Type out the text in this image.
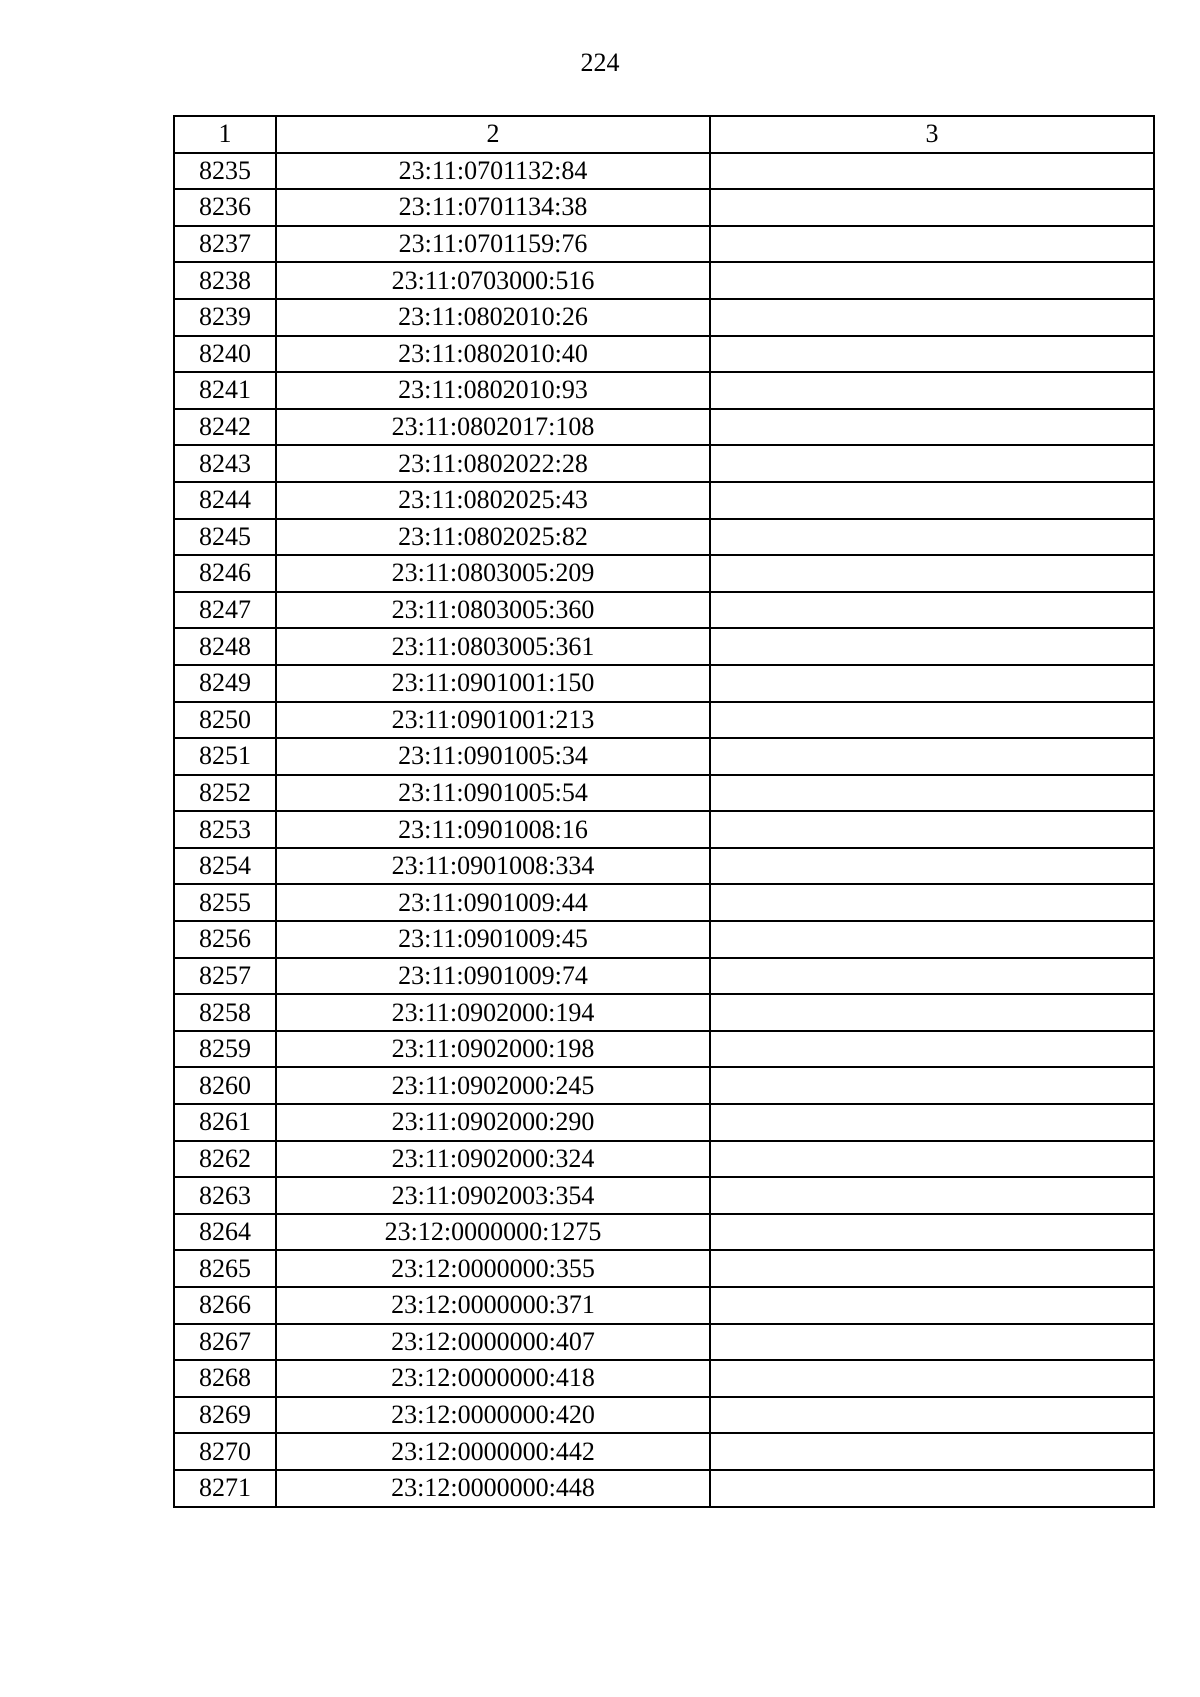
224
1	2	3
8235	23:11:0701132:84	
8236	23:11:0701134:38	
8237	23:11:0701159:76	
8238	23:11:0703000:516	
8239	23:11:0802010:26	
8240	23:11:0802010:40	
8241	23:11:0802010:93	
8242	23:11:0802017:108	
8243	23:11:0802022:28	
8244	23:11:0802025:43	
8245	23:11:0802025:82	
8246	23:11:0803005:209	
8247	23:11:0803005:360	
8248	23:11:0803005:361	
8249	23:11:0901001:150	
8250	23:11:0901001:213	
8251	23:11:0901005:34	
8252	23:11:0901005:54	
8253	23:11:0901008:16	
8254	23:11:0901008:334	
8255	23:11:0901009:44	
8256	23:11:0901009:45	
8257	23:11:0901009:74	
8258	23:11:0902000:194	
8259	23:11:0902000:198	
8260	23:11:0902000:245	
8261	23:11:0902000:290	
8262	23:11:0902000:324	
8263	23:11:0902003:354	
8264	23:12:0000000:1275	
8265	23:12:0000000:355	
8266	23:12:0000000:371	
8267	23:12:0000000:407	
8268	23:12:0000000:418	
8269	23:12:0000000:420	
8270	23:12:0000000:442	
8271	23:12:0000000:448	
